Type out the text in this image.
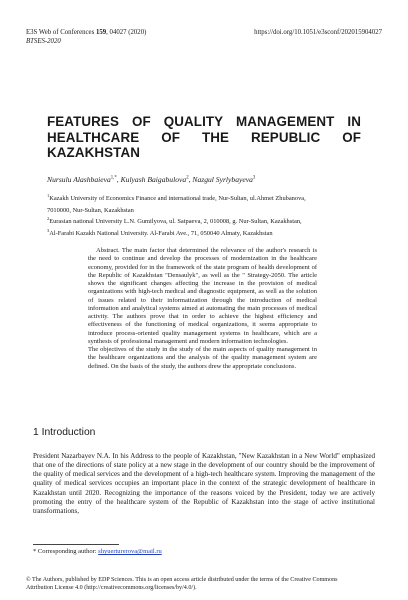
E3S Web of Conferences 159, 04027 (2020)	https://doi.org/10.1051/e3sconf/202015904027
BTSES-2020
FEATURES OF QUALITY MANAGEMENT IN HEALTHCARE OF THE REPUBLIC OF KAZAKHSTAN
Nursulu Alashbaieva$^{1,*}$, Kulyash Baigabulova$^2$, Nazgul Syrlybayeva$^3$
$^1$Kazakh University of Economics Finance and international trade, Nur-Sultan, ul.Ahmet Zhubanova,
7010000, Nur-Sultan, Kazakhstan
$^2$Eurasian national University L.N. Gumilyova, ul. Satpaeva, 2, 010008, g. Nur-Sultan, Kazakhstan,
$^3$Al-Farabi Kazakh National University. Al-Farabi Ave., 71, 050040 Almaty, Kazakhstan

Abstract. The main factor that determined the relevance of the author's research is the need to continue and develop the processes of modernization in the healthcare economy, provided for in the framework of the state program of health development of the Republic of Kazakhstan "Densaulyk", as well as the " Strategy-2050. The article shows the significant changes affecting the increase in the provision of medical organizations with high-tech medical and diagnostic equipment, as well as the solution of issues related to their informatization through the introduction of medical information and analytical systems aimed at automating the main processes of medical activity. The authors prove that in order to achieve the highest efficiency and effectiveness of the functioning of medical organizations, it seems appropriate to introduce process-oriented quality management systems in healthcare, which are a synthesis of professional management and modern information technologies.

The objectives of the study in the study of the main aspects of quality management in the healthcare organizations and the analysis of the quality management system are defined. On the basis of the study, the authors drew the appropriate conclusions.

1 Introduction

President Nazarbayev N.A. In his Address to the people of Kazakhstan, "New Kazakhstan in a New World" emphasized that one of the directions of state policy at a new stage in the development of our country should be the improvement of the quality of medical services and the development of a high-tech healthcare system. Improving the management of the quality of medical services occupies an important place in the context of the strategic development of healthcare in Kazakhstan until 2020. Recognizing the importance of the reasons voiced by the President, today we are actively promoting the entry of the healthcare system of the Republic of Kazakhstan into the stage of active institutional transformations,

* Corresponding author: shyuerturerova@mail.ru
© The Authors, published by EDP Sciences. This is an open access article distributed under the terms of the Creative Commons
Attribution License 4.0 (http://creativecommons.org/licenses/by/4.0/).
